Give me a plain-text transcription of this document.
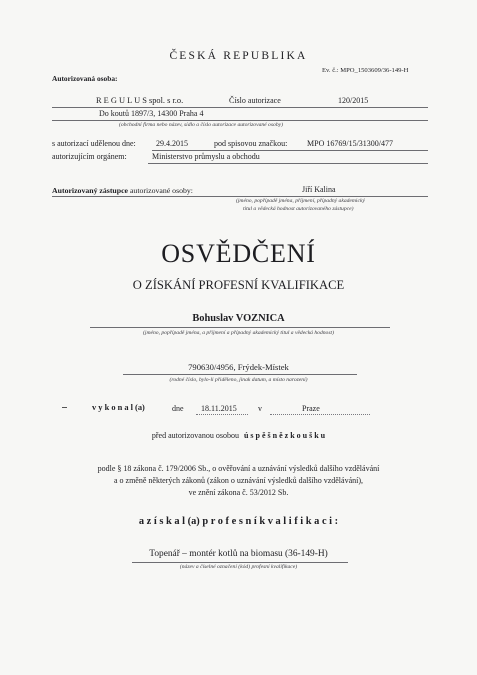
ČESKÁ REPUBLIKA
Ev. č.: MPO_1503609/36-149-H
Autorizovaná osoba:
R E G U L U S spol. s r.o.	Číslo autorizace	120/2015
Do koutů 1897/3, 14300 Praha 4
(obchodní firma nebo název, sídlo a číslo autorizace autorizované osoby)
s autorizací udělenou dne:	29.4.2015	pod spisovou značkou: MPO 16769/15/31300/477
autorizujícím orgánem:	Ministerstvo průmyslu a obchodu
Autorizovaný zástupce autorizované osoby:	Jiří Kalina
(jméno, popřípadě jména, příjmení, případný akademický
titul a vědecká hodnost autorizovaného zástupce)
OSVĚDČENÍ
O ZÍSKÁNÍ PROFESNÍ KVALIFIKACE
Bohuslav VOZNICA
(jméno, popřípadě jména, a příjmení a případný akademický titul a vědecká hodnost)
790630/4956, Frýdek-Místek
(rodné číslo, bylo-li přiděleno, jinak datum, a místo narození)
v y k o n a l (a)	dne 18.11.2015	v	Praze
před autorizovanou osobou ú s p ě š n ě z k o u š k u
podle § 18 zákona č. 179/2006 Sb., o ověřování a uznávání výsledků dalšího vzdělávání
a o změně některých zákonů (zákon o uznávání výsledků dalšího vzdělávání),
ve znění zákona č. 53/2012 Sb.
a z í s k a l (a) p r o f e s n í k v a l i f i k a c i :
Topenář – montér kotlů na biomasu (36-149-H)
(název a číselné označení (kód) profesní kvalifikace)
